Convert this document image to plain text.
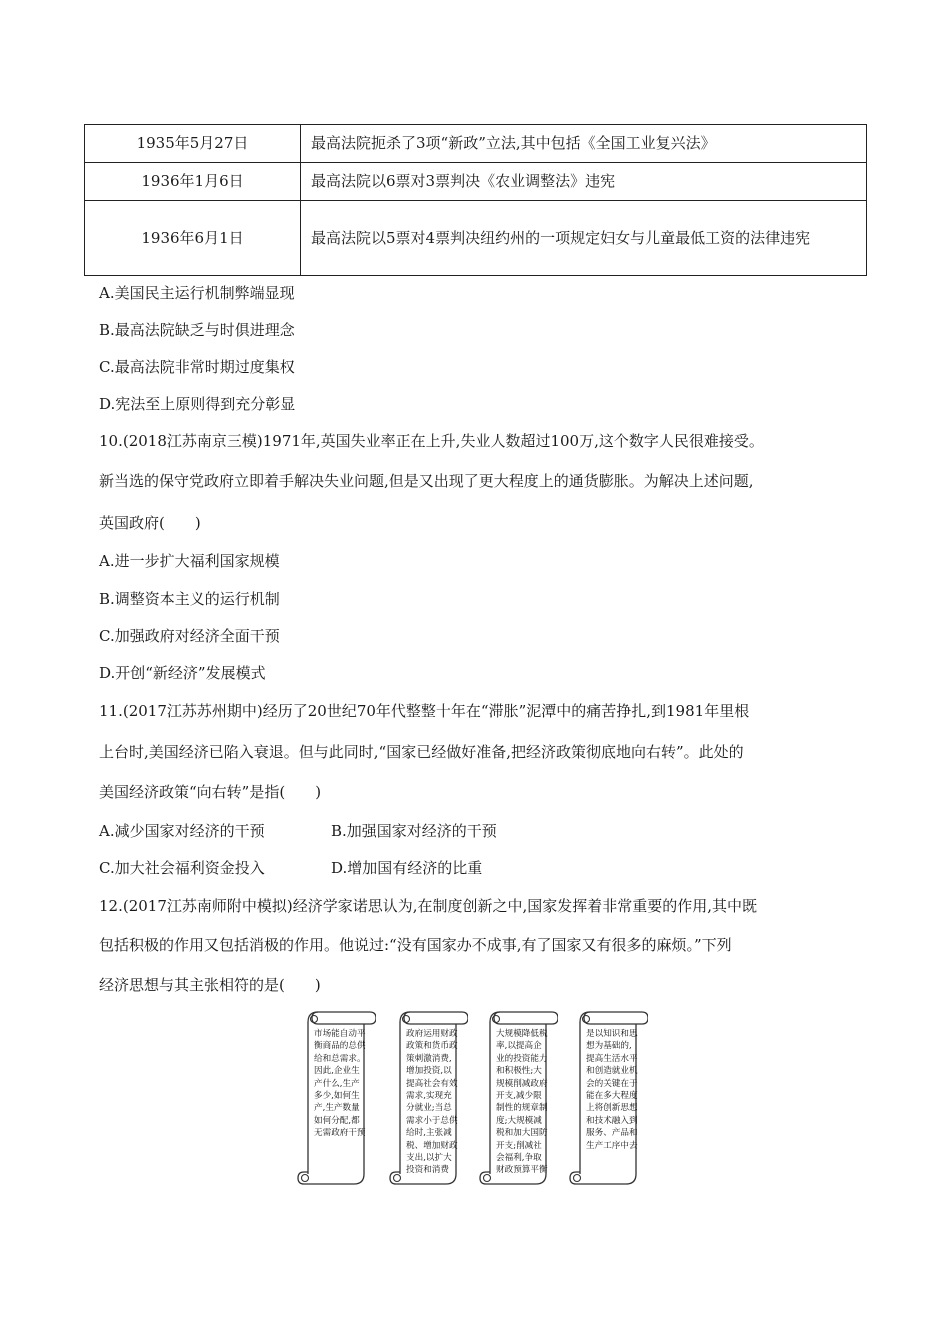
1935年5月27日	最高法院扼杀了3项“新政”立法,其中包括《全国工业复兴法》
1936年1月6日	最高法院以6票对3票判决《农业调整法》违宪
1936年6月1日	最高法院以5票对4票判决纽约州的一项规定妇女与儿童最低工资的法律违宪
A.美国民主运行机制弊端显现
B.最高法院缺乏与时俱进理念
C.最高法院非常时期过度集权
D.宪法至上原则得到充分彰显
10.(2018江苏南京三模)1971年,英国失业率正在上升,失业人数超过100万,这个数字人民很难接受。
新当选的保守党政府立即着手解决失业问题,但是又出现了更大程度上的通货膨胀。为解决上述问题,
英国政府(　　)
A.进一步扩大福利国家规模
B.调整资本主义的运行机制
C.加强政府对经济全面干预
D.开创“新经济”发展模式
11.(2017江苏苏州期中)经历了20世纪70年代整整十年在“滞胀”泥潭中的痛苦挣扎,到1981年里根
上台时,美国经济已陷入衰退。但与此同时,“国家已经做好准备,把经济政策彻底地向右转”。此处的
美国经济政策“向右转”是指(　　)
A.减少国家对经济的干预	B.加强国家对经济的干预
C.加大社会福利资金投入	D.增加国有经济的比重
12.(2017江苏南师附中模拟)经济学家诺思认为,在制度创新之中,国家发挥着非常重要的作用,其中既
包括积极的作用又包括消极的作用。他说过:“没有国家办不成事,有了国家又有很多的麻烦。”下列
经济思想与其主张相符的是(　　)
市场能自动平衡商品的总供给和总需求。因此,企业生产什么,生产多少,如何生产,生产数量如何分配,都无需政府干预
政府运用财政政策和货币政策刺激消费,增加投资,以提高社会有效需求,实现充分就业;当总需求小于总供给时,主张减税、增加财政支出,以扩大投资和消费
大规模降低税率,以提高企业的投资能力和积极性;大规模削减政府开支,减少限制性的规章制度;大规模减税和加大国防开支;削减社会福利,争取财政预算平衡
是以知识和思想为基础的,提高生活水平和创造就业机会的关键在于能在多大程度上将创新思想和技术融入到服务、产品和生产工序中去
